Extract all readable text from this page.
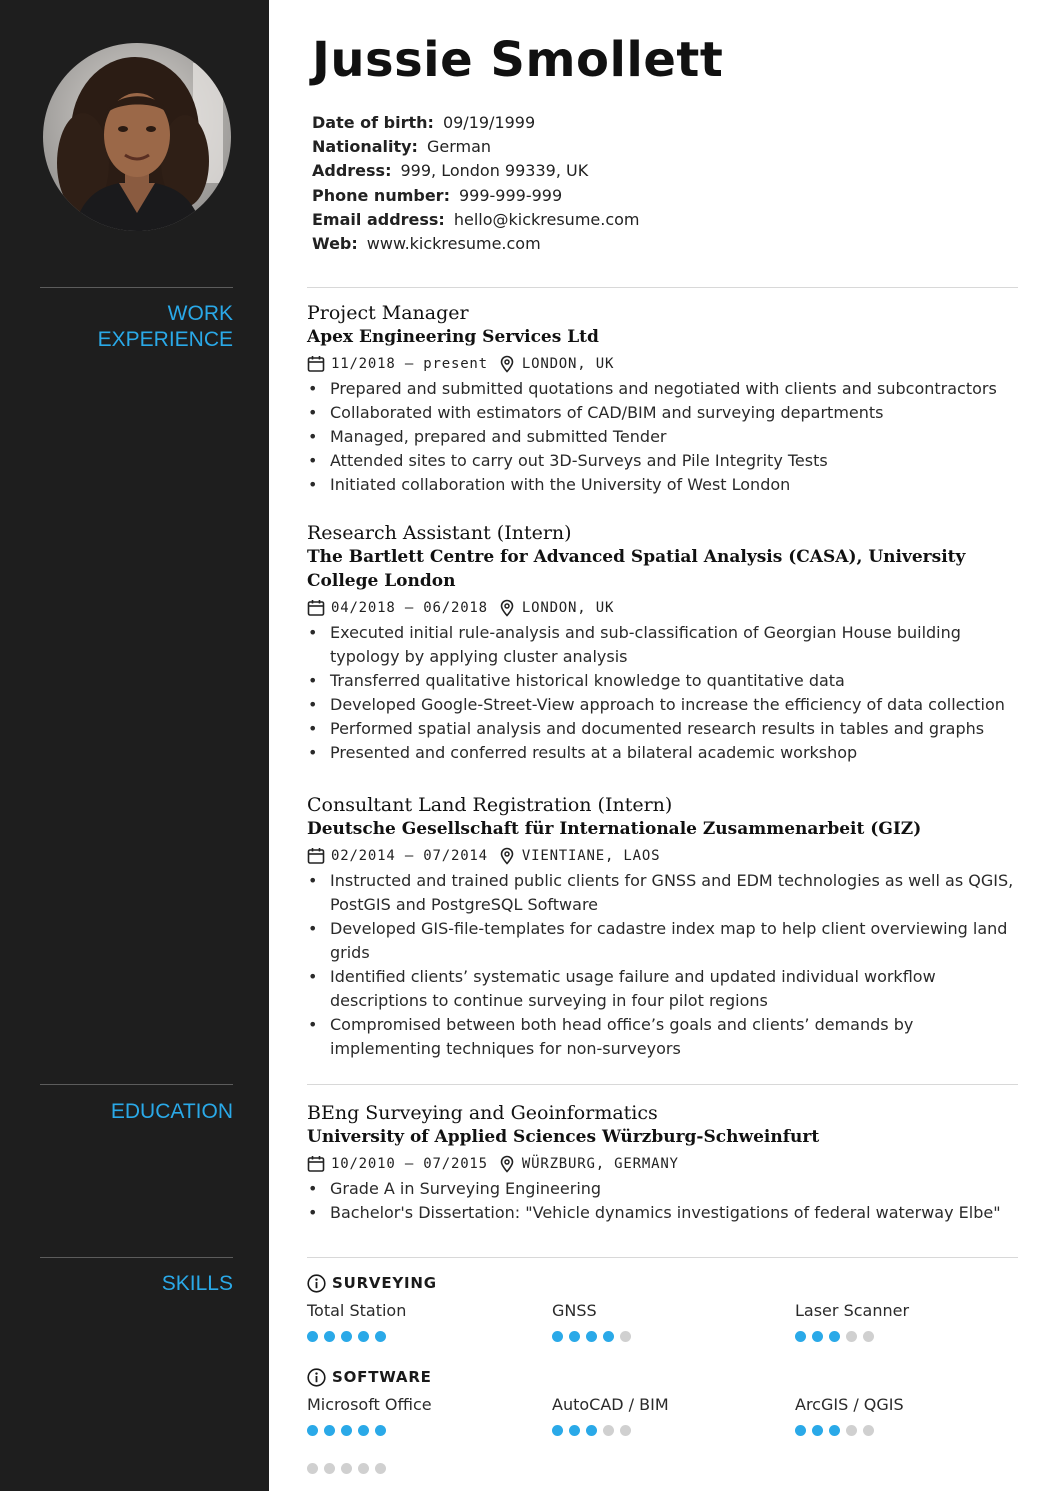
WORK
EXPERIENCE
EDUCATION
SKILLS
Jussie Smollett
Date of birth: 09/19/1999
Nationality: German
Address: 999, London 99339, UK
Phone number: 999-999-999
Email address: hello@kickresume.com
Web: www.kickresume.com
Project Manager
Apex Engineering Services Ltd
11/2018 – present LONDON, UK
• Prepared and submitted quotations and negotiated with clients and subcontractors
• Collaborated with estimators of CAD/BIM and surveying departments
• Managed, prepared and submitted Tender
• Attended sites to carry out 3D-Surveys and Pile Integrity Tests
• Initiated collaboration with the University of West London
Research Assistant (Intern)
The Bartlett Centre for Advanced Spatial Analysis (CASA), University College London
04/2018 – 06/2018 LONDON, UK
• Executed initial rule-analysis and sub-classification of Georgian House building typology by applying cluster analysis
• Transferred qualitative historical knowledge to quantitative data
• Developed Google-Street-View approach to increase the efficiency of data collection
• Performed spatial analysis and documented research results in tables and graphs
• Presented and conferred results at a bilateral academic workshop
Consultant Land Registration (Intern)
Deutsche Gesellschaft für Internationale Zusammenarbeit (GIZ)
02/2014 – 07/2014 VIENTIANE, LAOS
• Instructed and trained public clients for GNSS and EDM technologies as well as QGIS, PostGIS and PostgreSQL Software
• Developed GIS-file-templates for cadastre index map to help client overviewing land grids
• Identified clients’ systematic usage failure and updated individual workflow descriptions to continue surveying in four pilot regions
• Compromised between both head office’s goals and clients’ demands by implementing techniques for non-surveyors
BEng Surveying and Geoinformatics
University of Applied Sciences Würzburg-Schweinfurt
10/2010 – 07/2015 WÜRZBURG, GERMANY
• Grade A in Surveying Engineering
• Bachelor's Dissertation: "Vehicle dynamics investigations of federal waterway Elbe"
SURVEYING
Total Station	GNSS	Laser Scanner
SOFTWARE
Microsoft Office	AutoCAD / BIM	ArcGIS / QGIS
